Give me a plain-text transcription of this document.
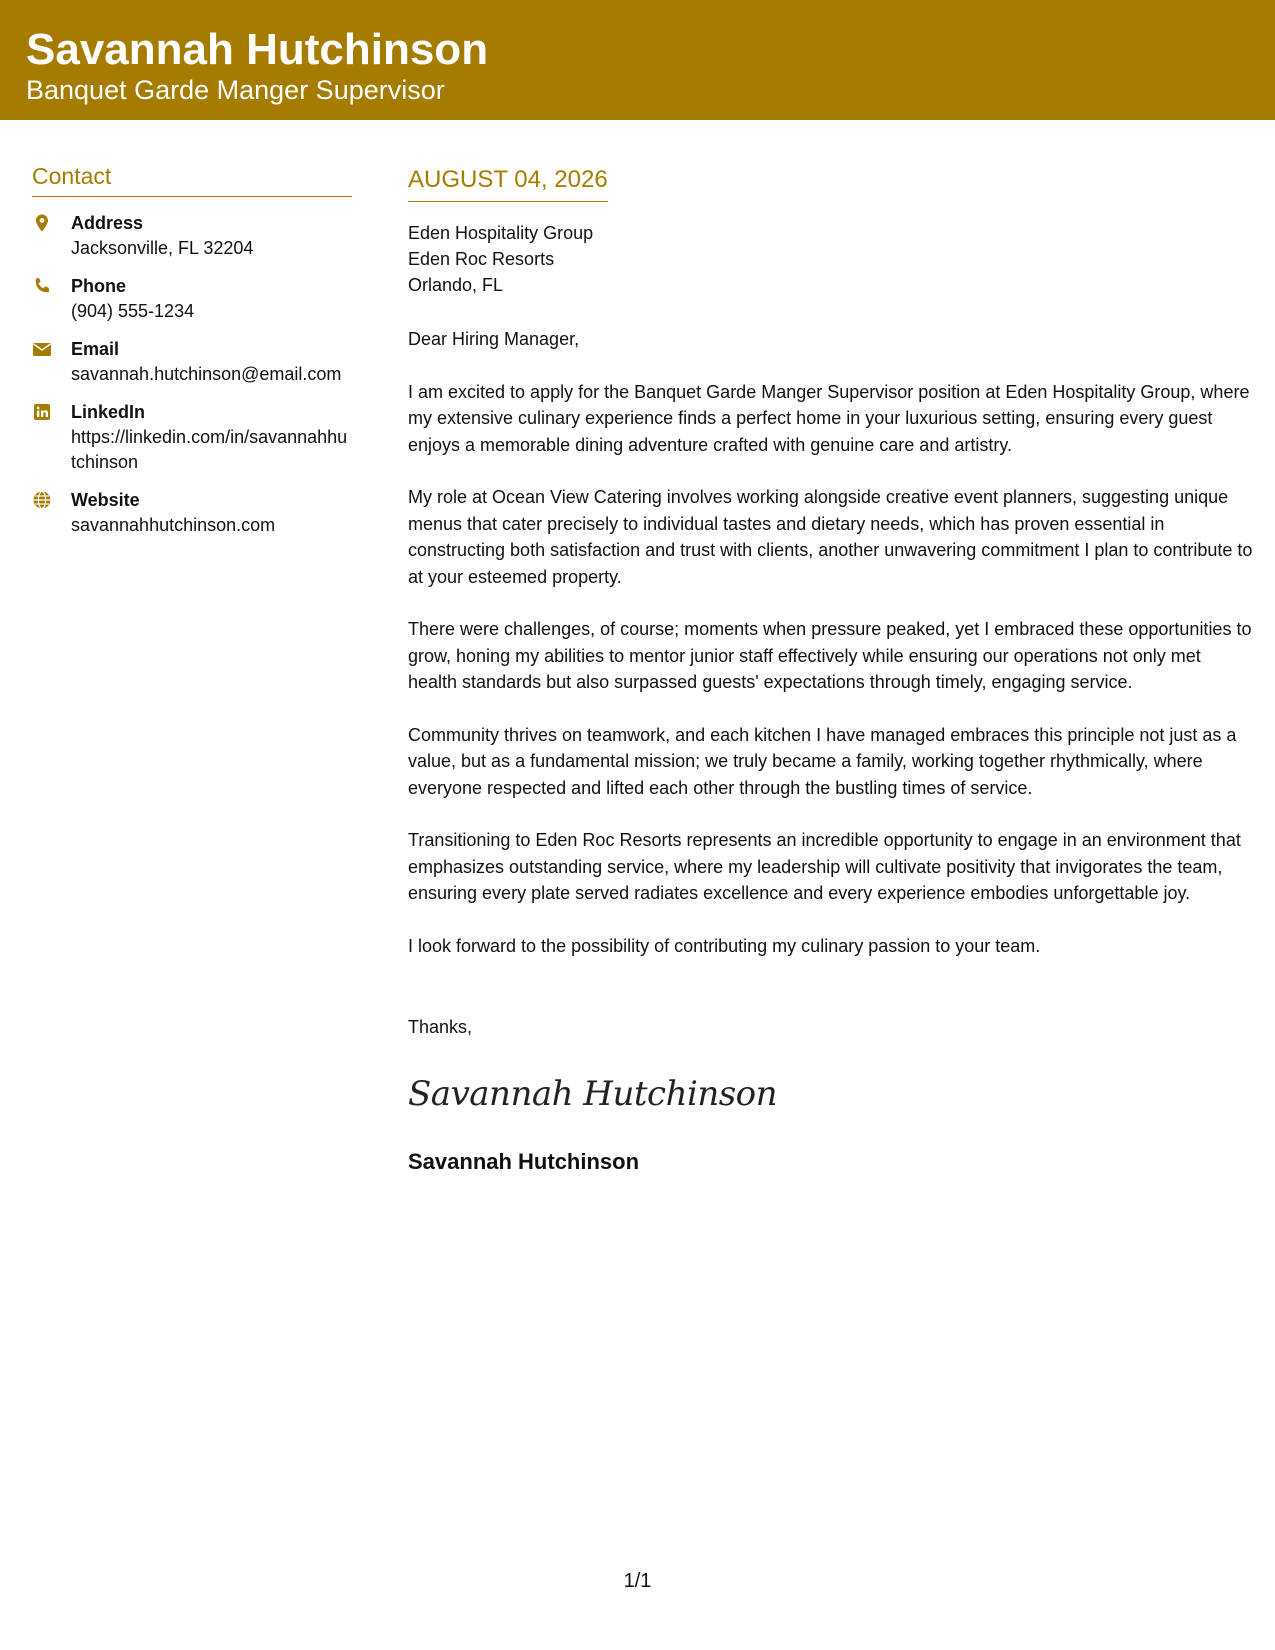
Savannah Hutchinson
Banquet Garde Manger Supervisor
Contact
Address
Jacksonville, FL 32204
Phone
(904) 555-1234
Email
savannah.hutchinson@email.com
LinkedIn
https://linkedin.com/in/savannahhutchinson
Website
savannahhutchinson.com
AUGUST 04, 2026
Eden Hospitality Group
Eden Roc Resorts
Orlando, FL

Dear Hiring Manager,

I am excited to apply for the Banquet Garde Manger Supervisor position at Eden Hospitality Group, where my extensive culinary experience finds a perfect home in your luxurious setting, ensuring every guest enjoys a memorable dining adventure crafted with genuine care and artistry.

My role at Ocean View Catering involves working alongside creative event planners, suggesting unique menus that cater precisely to individual tastes and dietary needs, which has proven essential in constructing both satisfaction and trust with clients, another unwavering commitment I plan to contribute to at your esteemed property.

There were challenges, of course; moments when pressure peaked, yet I embraced these opportunities to grow, honing my abilities to mentor junior staff effectively while ensuring our operations not only met health standards but also surpassed guests' expectations through timely, engaging service.

Community thrives on teamwork, and each kitchen I have managed embraces this principle not just as a value, but as a fundamental mission; we truly became a family, working together rhythmically, where everyone respected and lifted each other through the bustling times of service.

Transitioning to Eden Roc Resorts represents an incredible opportunity to engage in an environment that emphasizes outstanding service, where my leadership will cultivate positivity that invigorates the team, ensuring every plate served radiates excellence and every experience embodies unforgettable joy.

I look forward to the possibility of contributing my culinary passion to your team.

Thanks,

Savannah Hutchinson
Savannah Hutchinson
1/1
